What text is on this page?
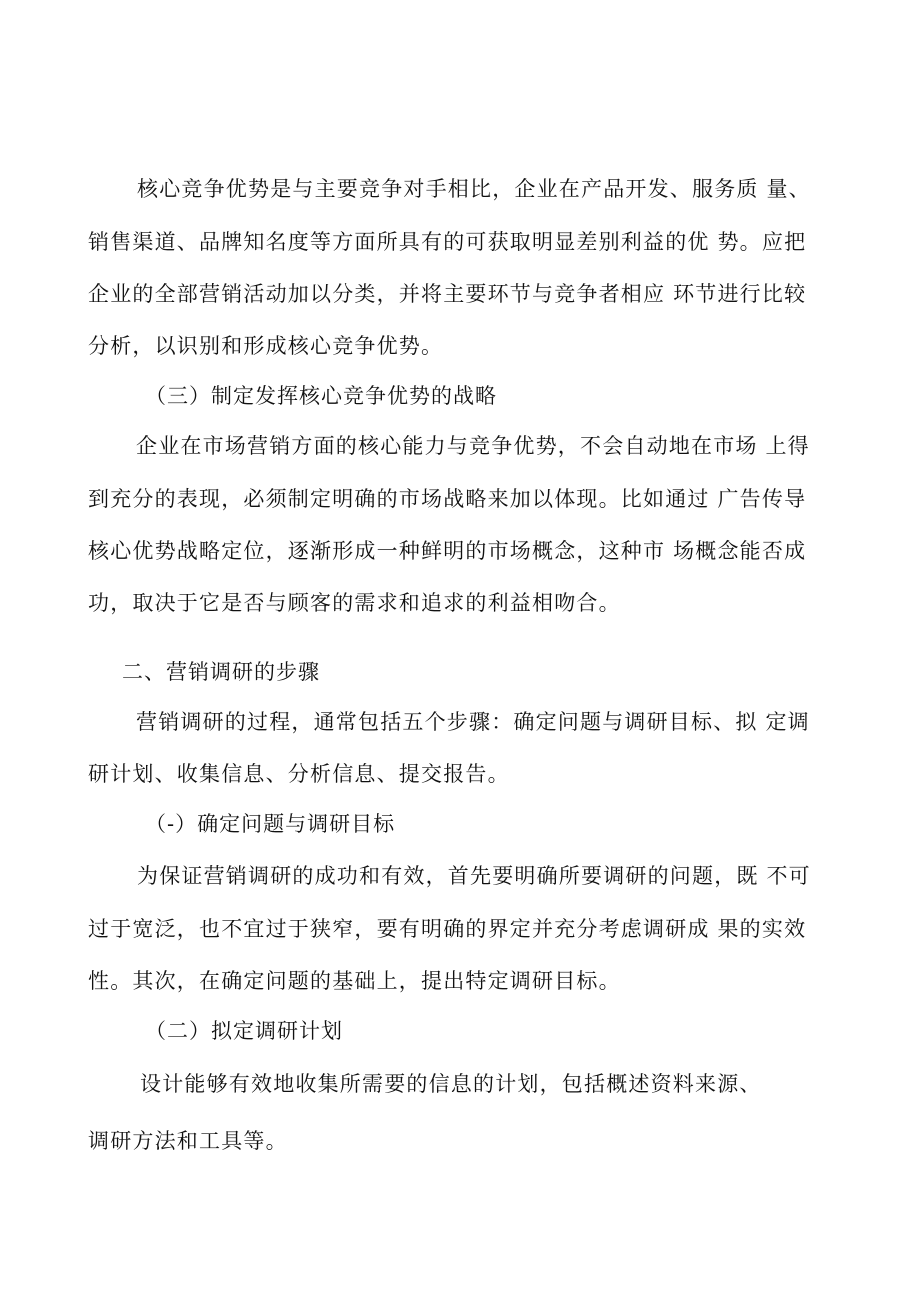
核心竞争优势是与主要竞争对手相比，企业在产品开发、服务质 量、
销售渠道、品牌知名度等方面所具有的可获取明显差别利益的优 势。应把
企业的全部营销活动加以分类，并将主要环节与竞争者相应 环节进行比较
分析，以识别和形成核心竞争优势。
（三）制定发挥核心竞争优势的战略
企业在市场营销方面的核心能力与竞争优势，不会自动地在市场 上得
到充分的表现，必须制定明确的市场战略来加以体现。比如通过 广告传导
核心优势战略定位，逐渐形成一种鲜明的市场概念，这种市 场概念能否成
功，取决于它是否与顾客的需求和追求的利益相吻合。
二、营销调研的步骤
营销调研的过程，通常包括五个步骤：确定问题与调研目标、拟 定调
研计划、收集信息、分析信息、提交报告。
（-）确定问题与调研目标
为保证营销调研的成功和有效，首先要明确所要调研的问题，既 不可
过于宽泛，也不宜过于狭窄，要有明确的界定并充分考虑调研成 果的实效
性。其次，在确定问题的基础上，提出特定调研目标。
（二）拟定调研计划
设计能够有效地收集所需要的信息的计划，包括概述资料来源、
调研方法和工具等。
